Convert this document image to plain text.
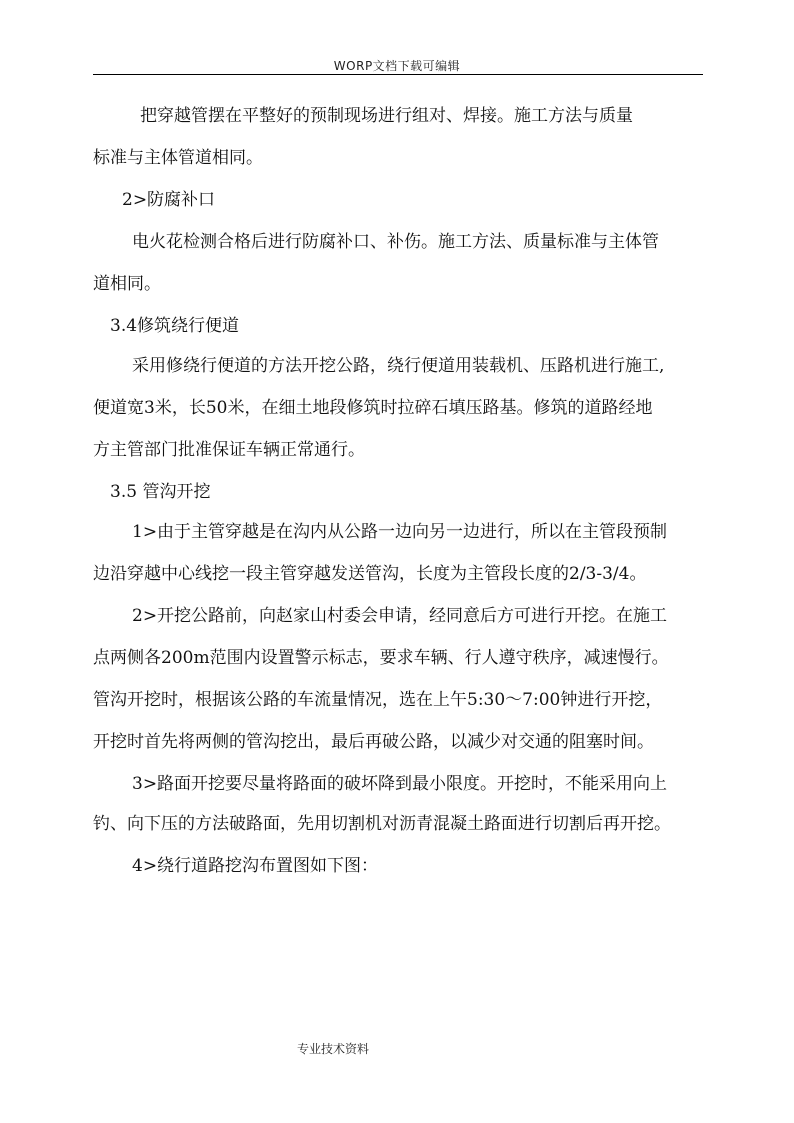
WORP文档下载可编辑
把穿越管摆在平整好的预制现场进行组对、焊接。施工方法与质量
标准与主体管道相同。
2>防腐补口
电火花检测合格后进行防腐补口、补伤。施工方法、质量标准与主体管
道相同。
3.4修筑绕行便道
采用修绕行便道的方法开挖公路，绕行便道用装载机、压路机进行施工,
便道宽3米，长50米，在细土地段修筑时拉碎石填压路基。修筑的道路经地
方主管部门批准保证车辆正常通行。
3.5 管沟开挖
1>由于主管穿越是在沟内从公路一边向另一边进行，所以在主管段预制
边沿穿越中心线挖一段主管穿越发送管沟，长度为主管段长度的2/3-3/4。
2>开挖公路前，向赵家山村委会申请，经同意后方可进行开挖。在施工
点两侧各200m范围内设置警示标志，要求车辆、行人遵守秩序，减速慢行。
管沟开挖时，根据该公路的车流量情况，选在上午5:30～7:00钟进行开挖，
开挖时首先将两侧的管沟挖出，最后再破公路，以减少对交通的阻塞时间。
3>路面开挖要尽量将路面的破坏降到最小限度。开挖时，不能采用向上
钓、向下压的方法破路面，先用切割机对沥青混凝土路面进行切割后再开挖。
4>绕行道路挖沟布置图如下图：
专业技术资料
